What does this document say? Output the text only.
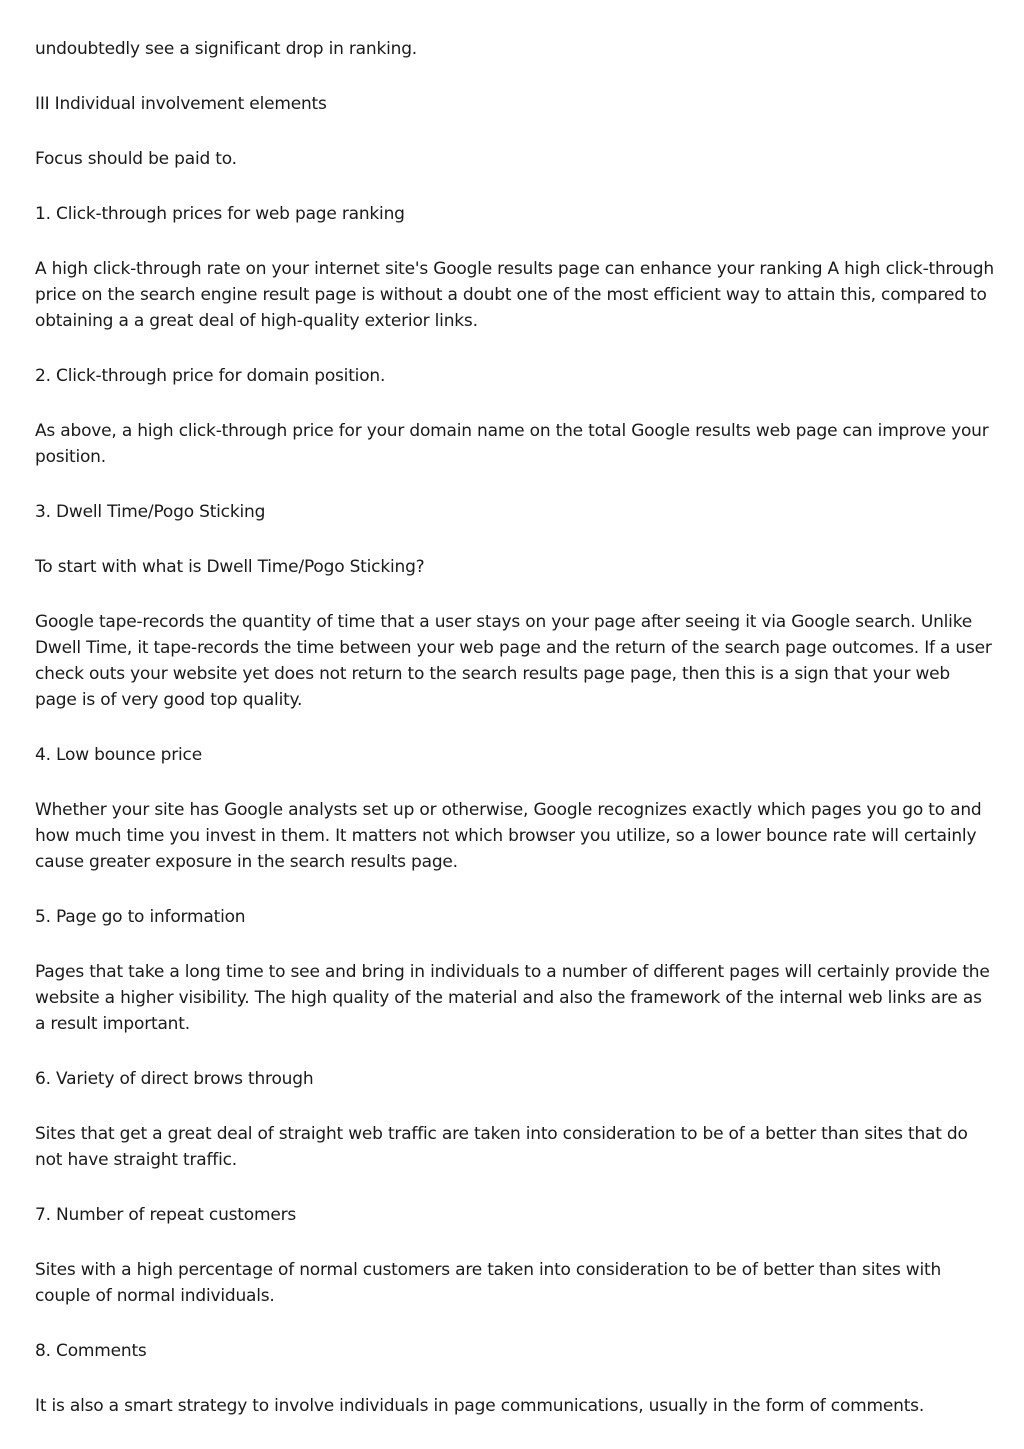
undoubtedly see a significant drop in ranking.

III Individual involvement elements

Focus should be paid to.

1. Click-through prices for web page ranking

A high click-through rate on your internet site's Google results page can enhance your ranking A high click-through price on the search engine result page is without a doubt one of the most efficient way to attain this, compared to obtaining a a great deal of high-quality exterior links.

2. Click-through price for domain position.

As above, a high click-through price for your domain name on the total Google results web page can improve your position.

3. Dwell Time/Pogo Sticking

To start with what is Dwell Time/Pogo Sticking?

Google tape-records the quantity of time that a user stays on your page after seeing it via Google search. Unlike Dwell Time, it tape-records the time between your web page and the return of the search page outcomes. If a user check outs your website yet does not return to the search results page page, then this is a sign that your web page is of very good top quality.

4. Low bounce price

Whether your site has Google analysts set up or otherwise, Google recognizes exactly which pages you go to and how much time you invest in them. It matters not which browser you utilize, so a lower bounce rate will certainly cause greater exposure in the search results page.

5. Page go to information

Pages that take a long time to see and bring in individuals to a number of different pages will certainly provide the website a higher visibility. The high quality of the material and also the framework of the internal web links are as a result important.

6. Variety of direct brows through

Sites that get a great deal of straight web traffic are taken into consideration to be of a better than sites that do not have straight traffic.

7. Number of repeat customers

Sites with a high percentage of normal customers are taken into consideration to be of better than sites with couple of normal individuals.

8. Comments

It is also a smart strategy to involve individuals in page communications, usually in the form of comments.
